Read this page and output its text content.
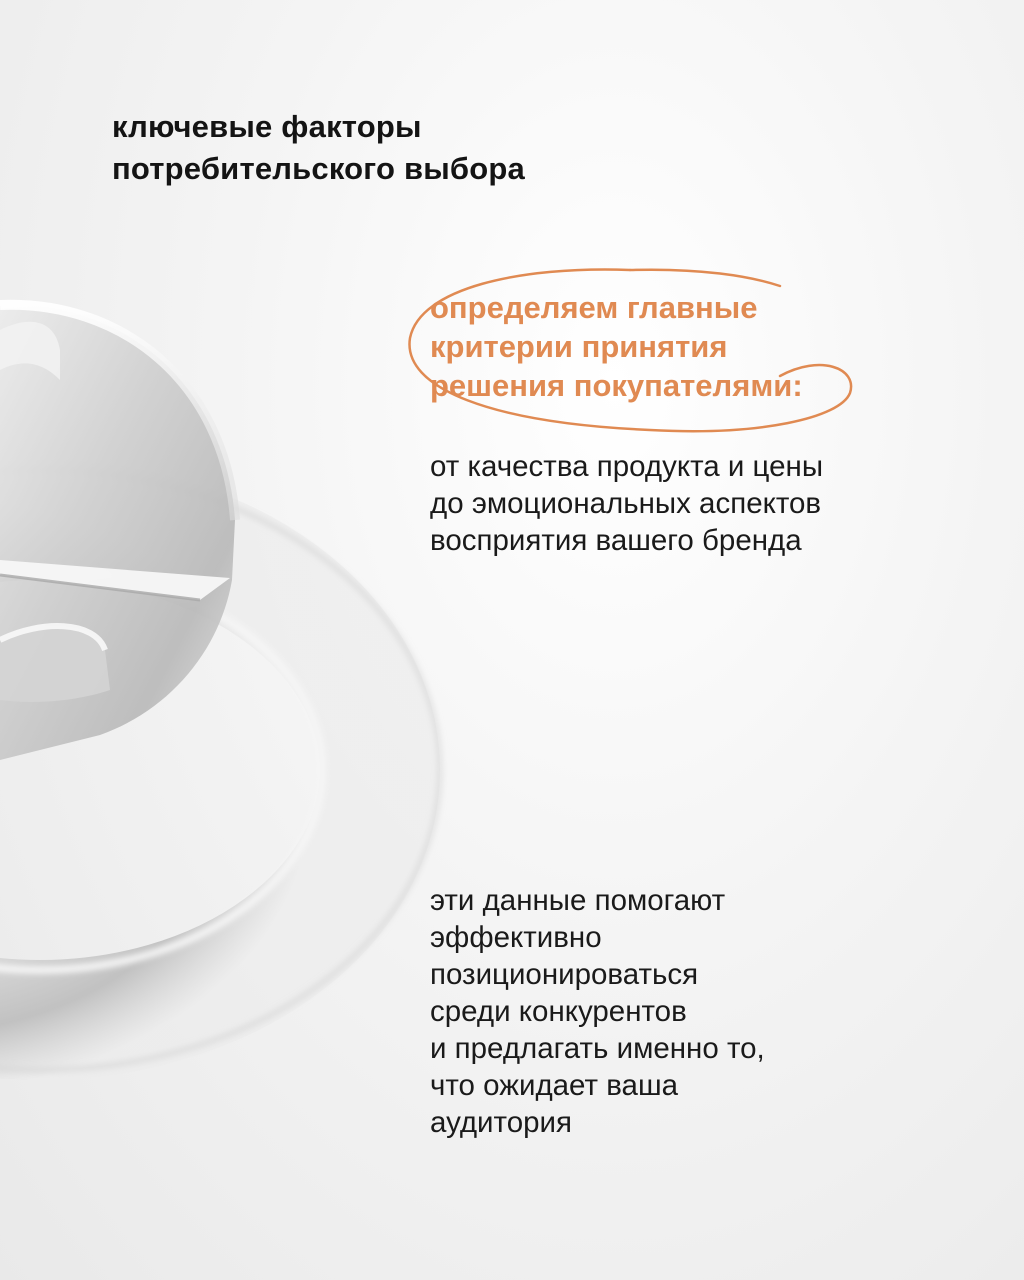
ключевые факторы
потребительского выбора

определяем главные
критерии принятия
решения покупателями:

от качества продукта и цены
до эмоциональных аспектов
восприятия вашего бренда

эти данные помогают
эффективно
позиционироваться
среди конкурентов
и предлагать именно то,
что ожидает ваша
аудитория
